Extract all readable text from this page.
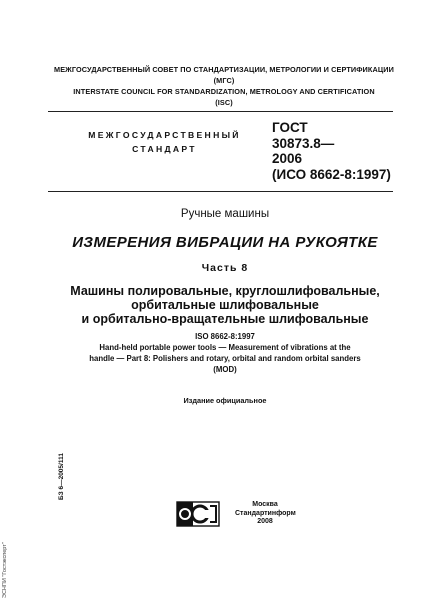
МЕЖГОСУДАРСТВЕННЫЙ СОВЕТ ПО СТАНДАРТИЗАЦИИ, МЕТРОЛОГИИ И СЕРТИФИКАЦИИ
(МГС)
INTERSTATE COUNCIL FOR STANDARDIZATION, METROLOGY AND CERTIFICATION
(ISC)
МЕЖГОСУДАРСТВЕННЫЙ
СТАНДАРТ
ГОСТ
30873.8—
2006
(ИСО 8662-8:1997)
Ручные машины
ИЗМЕРЕНИЯ ВИБРАЦИИ НА РУКОЯТКЕ
Часть 8
Машины полировальные, круглошлифовальные,
орбитальные шлифовальные
и орбитально-вращательные шлифовальные
ISO 8662-8:1997
Hand-held portable power tools — Measurement of vibrations at the
handle — Part 8: Polishers and rotary, orbital and random orbital sanders
(MOD)
Издание официальное
БЗ 6—2005/111
ЭСНПИ "Гостэксперт"
Москва
Стандартинформ
2008
